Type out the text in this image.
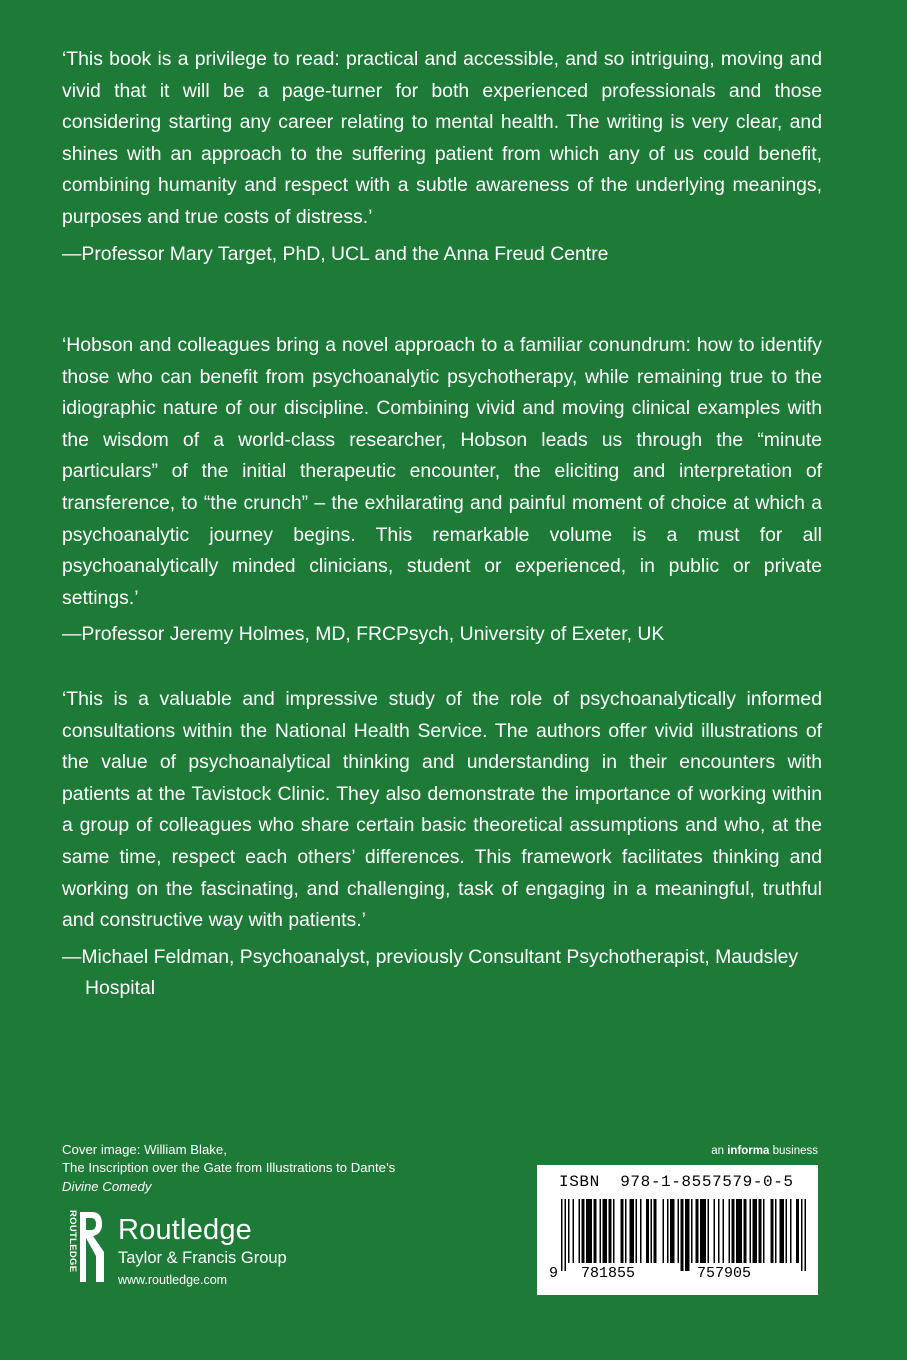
‘This book is a privilege to read: practical and accessible, and so intriguing, moving and vivid that it will be a page-turner for both experienced professionals and those considering starting any career relating to mental health. The writing is very clear, and shines with an approach to the suffering patient from which any of us could benefit, combining humanity and respect with a subtle awareness of the underlying meanings, purposes and true costs of distress.’

—Professor Mary Target, PhD, UCL and the Anna Freud Centre

‘Hobson and colleagues bring a novel approach to a familiar conundrum: how to identify those who can benefit from psychoanalytic psychotherapy, while remaining true to the idiographic nature of our discipline. Combining vivid and moving clinical examples with the wisdom of a world-class researcher, Hobson leads us through the “minute particulars” of the initial therapeutic encounter, the eliciting and interpretation of transference, to “the crunch” – the exhilarating and painful moment of choice at which a psychoanalytic journey begins. This remarkable volume is a must for all psychoanalytically minded clinicians, student or experienced, in public or private settings.’

—Professor Jeremy Holmes, MD, FRCPsych, University of Exeter, UK

‘This is a valuable and impressive study of the role of psychoanalytically informed consultations within the National Health Service. The authors offer vivid illustrations of the value of psychoanalytical thinking and understanding in their encounters with patients at the Tavistock Clinic. They also demonstrate the importance of working within a group of colleagues who share certain basic theoretical assumptions and who, at the same time, respect each others’ differences. This framework facilitates thinking and working on the fascinating, and challenging, task of engaging in a meaningful, truthful and constructive way with patients.’

—Michael Feldman, Psychoanalyst, previously Consultant Psychotherapist, Maudsley Hospital

Cover image: William Blake,
The Inscription over the Gate from Illustrations to Dante’s
Divine Comedy

ROUTLEDGE Routledge
Taylor & Francis Group
www.routledge.com
an informa business
ISBN  978-1-8557579-0-5
9 781855	757905
